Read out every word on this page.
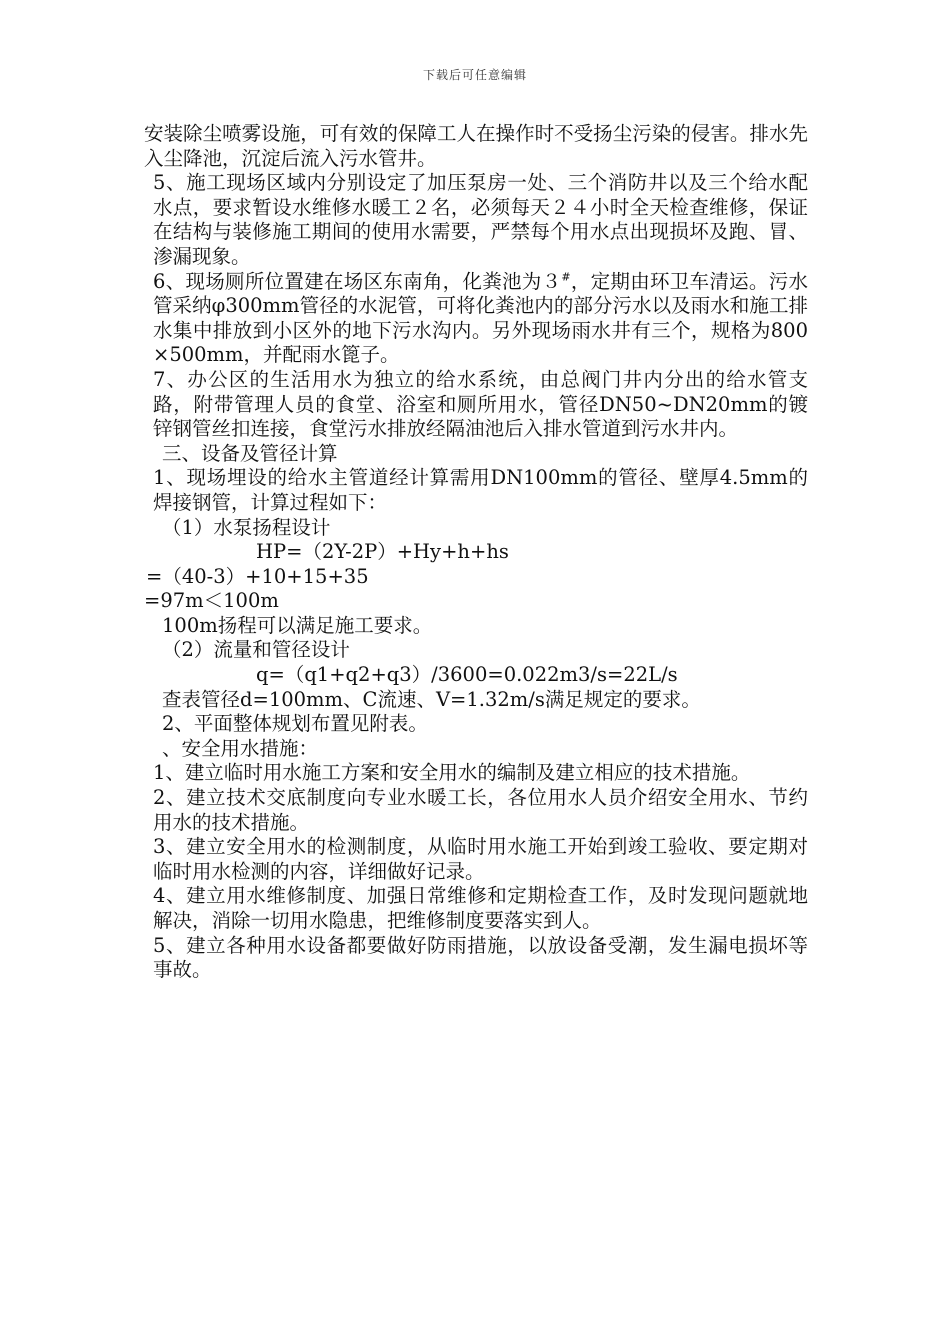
下载后可任意编辑

安装除尘喷雾设施，可有效的保障工人在操作时不受扬尘污染的侵害。排水先入尘降池，沉淀后流入污水管井。

5、施工现场区域内分别设定了加压泵房一处、三个消防井以及三个给水配水点，要求暂设水维修水暖工２名，必须每天２４小时全天检查维修，保证在结构与装修施工期间的使用水需要，严禁每个用水点出现损坏及跑、冒、渗漏现象。

6、现场厕所位置建在场区东南角，化粪池为３#，定期由环卫车清运。污水管采纳φ300mm管径的水泥管，可将化粪池内的部分污水以及雨水和施工排水集中排放到小区外的地下污水沟内。另外现场雨水井有三个，规格为800×500mm，并配雨水篦子。

7、办公区的生活用水为独立的给水系统，由总阀门井内分出的给水管支路，附带管理人员的食堂、浴室和厕所用水，管径DN50~DN20mm的镀锌钢管丝扣连接，食堂污水排放经隔油池后入排水管道到污水井内。

三、设备及管径计算

1、现场埋设的给水主管道经计算需用DN100mm的管径、壁厚4.5mm的焊接钢管，计算过程如下：

（1）水泵扬程设计

HP=（2Y-2P）+Hy+h+hs

=（40-3）+10+15+35

=97m＜100m

100m扬程可以满足施工要求。

（2）流量和管径设计

q=（q1+q2+q3）/3600=0.022m3/s=22L/s

查表管径d=100mm、C流速、V=1.32m/s满足规定的要求。

2、平面整体规划布置见附表。

、安全用水措施：

1、建立临时用水施工方案和安全用水的编制及建立相应的技术措施。

2、建立技术交底制度向专业水暖工长，各位用水人员介绍安全用水、节约用水的技术措施。

3、建立安全用水的检测制度，从临时用水施工开始到竣工验收、要定期对临时用水检测的内容，详细做好记录。

4、建立用水维修制度、加强日常维修和定期检查工作，及时发现问题就地解决，消除一切用水隐患，把维修制度要落实到人。

5、建立各种用水设备都要做好防雨措施，以放设备受潮，发生漏电损坏等事故。
